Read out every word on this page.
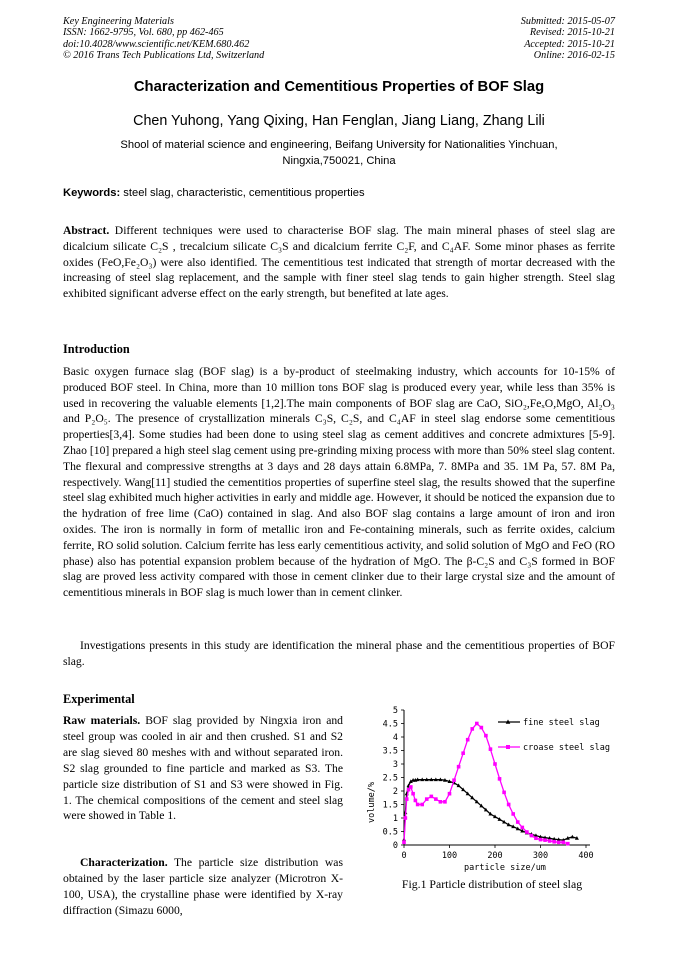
Key Engineering Materials
ISSN: 1662-9795, Vol. 680, pp 462-465
doi:10.4028/www.scientific.net/KEM.680.462
© 2016 Trans Tech Publications Ltd, Switzerland
Submitted: 2015-05-07
Revised: 2015-10-21
Accepted: 2015-10-21
Online: 2016-02-15
Characterization and Cementitious Properties of BOF Slag
Chen Yuhong, Yang Qixing, Han Fenglan, Jiang Liang, Zhang Lili
Shool of material science and engineering, Beifang University for Nationalities Yinchuan, Ningxia,750021, China
Keywords: steel slag, characteristic, cementitious properties
Abstract. Different techniques were used to characterise BOF slag. The main mineral phases of steel slag are dicalcium silicate C₂S , trecalcium silicate C₃S and dicalcium ferrite C₂F, and C₄AF. Some minor phases as ferrite oxides (FeO,Fe₂O₃) were also identified. The cementitious test indicated that strength of mortar decreased with the increasing of steel slag replacement, and the sample with finer steel slag tends to gain higher strength. Steel slag exhibited significant adverse effect on the early strength, but benefited at late ages.
Introduction
Basic oxygen furnace slag (BOF slag) is a by-product of steelmaking industry, which accounts for 10-15% of produced BOF steel. In China, more than 10 million tons BOF slag is produced every year, while less than 35% is used in recovering the valuable elements [1,2].The main components of BOF slag are CaO, SiO₂,FeₓO,MgO, Al₂O₃ and P₂O₅. The presence of crystallization minerals C₃S, C₂S, and C₄AF in steel slag endorse some cementitious properties[3,4]. Some studies had been done to using steel slag as cement additives and concrete admixtures [5-9]. Zhao [10] prepared a high steel slag cement using pre-grinding mixing process with more than 50% steel slag content. The flexural and compressive strengths at 3 days and 28 days attain 6.8MPa, 7. 8MPa and 35. 1M Pa, 57. 8M Pa, respectively. Wang[11] studied the cementitios properties of superfine steel slag, the results showed that the superfine steel slag exhibited much higher activities in early and middle age. However, it should be noticed the expansion due to the hydration of free lime (CaO) contained in slag. And also BOF slag contains a large amount of iron and iron oxides. The iron is normally in form of metallic iron and Fe-containing minerals, such as ferrite oxides, calcium ferrite, RO solid solution. Calcium ferrite has less early cementitious activity, and solid solution of MgO and FeO (RO phase) also has potential expansion problem because of the hydration of MgO. The β-C₂S and C₃S formed in BOF slag are proved less activity compared with those in cement clinker due to their large crystal size and the amount of cementitious minerals in BOF slag is much lower than in cement clinker.
Investigations presents in this study are identification the mineral phase and the cementitious properties of BOF slag.
Experimental
Raw materials. BOF slag provided by Ningxia iron and steel group was cooled in air and then crushed. S1 and S2 are slag sieved 80 meshes with and without separated iron. S2 slag grounded to fine particle and marked as S3. The particle size distribution of S1 and S3 were showed in Fig. 1. The chemical compositions of the cement and steel slag were showed in Table 1.
Characterization. The particle size distribution was obtained by the laser particle size analyzer (Microtron X-100, USA), the crystalline phase were identified by X-ray diffraction (Simazu 6000,
0
0.5
1
1.5
2
2.5
3
3.5
4
4.5
5
0	100	200	300	400
particle size/um
volume/%
fine steel slag
croase steel slag
Fig.1 Particle distribution of steel slag
